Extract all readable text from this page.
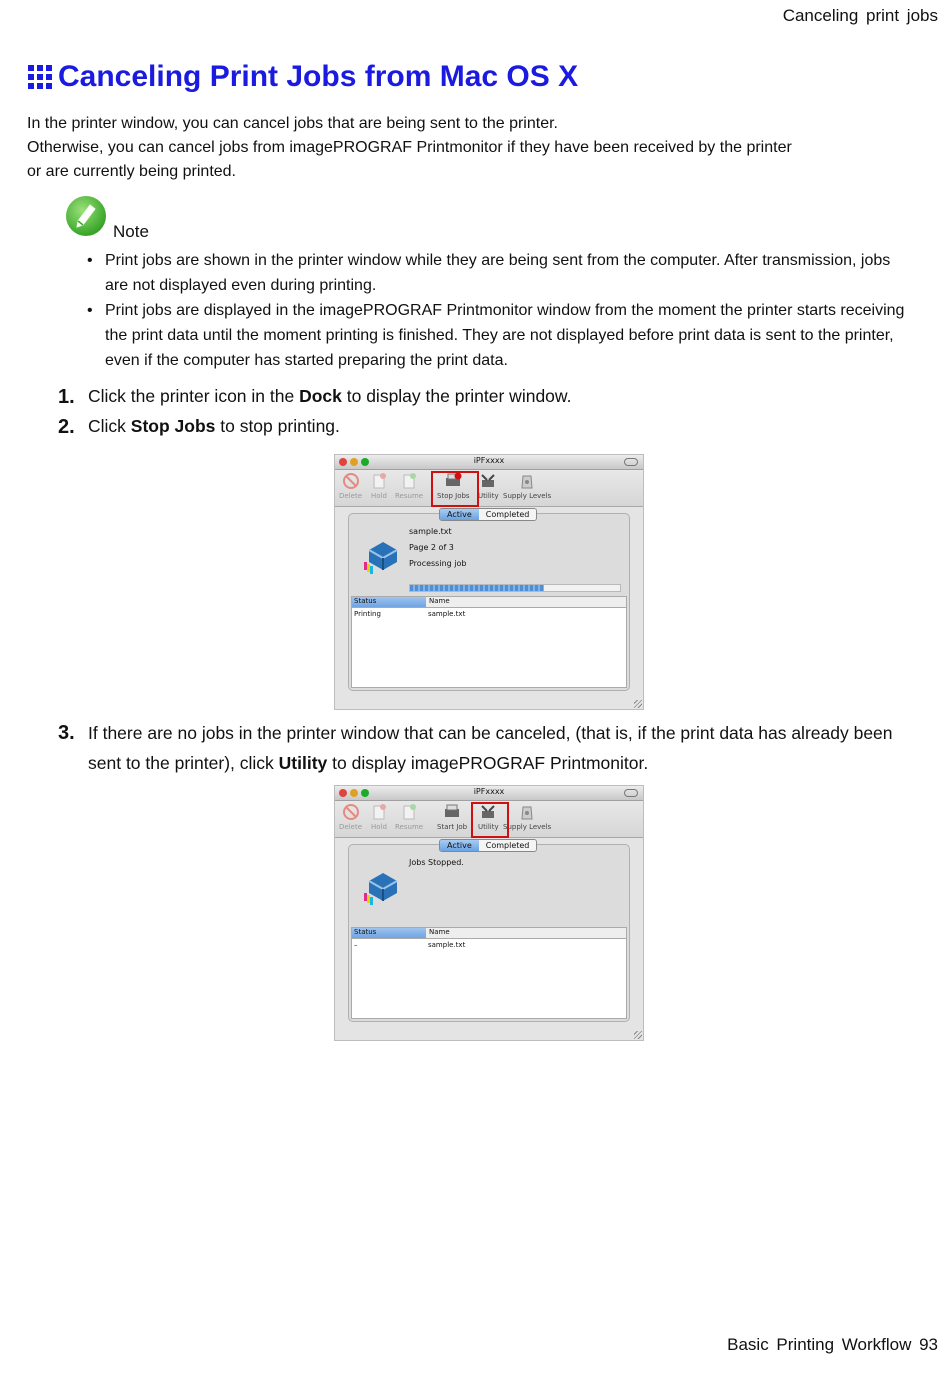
Canceling print jobs
Canceling Print Jobs from Mac OS X
In the printer window, you can cancel jobs that are being sent to the printer.
Otherwise, you can cancel jobs from imagePROGRAF Printmonitor if they have been received by the printer
or are currently being printed.
Note
• Print jobs are shown in the printer window while they are being sent from the computer. After transmission, jobs are not displayed even during printing.
• Print jobs are displayed in the imagePROGRAF Printmonitor window from the moment the printer starts receiving the print data until the moment printing is finished. They are not displayed before print data is sent to the printer, even if the computer has started preparing the print data.
1. Click the printer icon in the Dock to display the printer window.
2. Click Stop Jobs to stop printing.
iPFxxxx
Delete Hold Resume Stop Jobs Utility Supply Levels
Active	Completed
sample.txt
Page 2 of 3
Processing job
Status	Name
Printing	sample.txt
3. If there are no jobs in the printer window that can be canceled, (that is, if the print data has already been sent to the printer), click Utility to display imagePROGRAF Printmonitor.
iPFxxxx
Delete Hold Resume Start Job Utility Supply Levels
Active	Completed
Jobs Stopped.
Status	Name
–	sample.txt
Basic Printing Workflow 93
